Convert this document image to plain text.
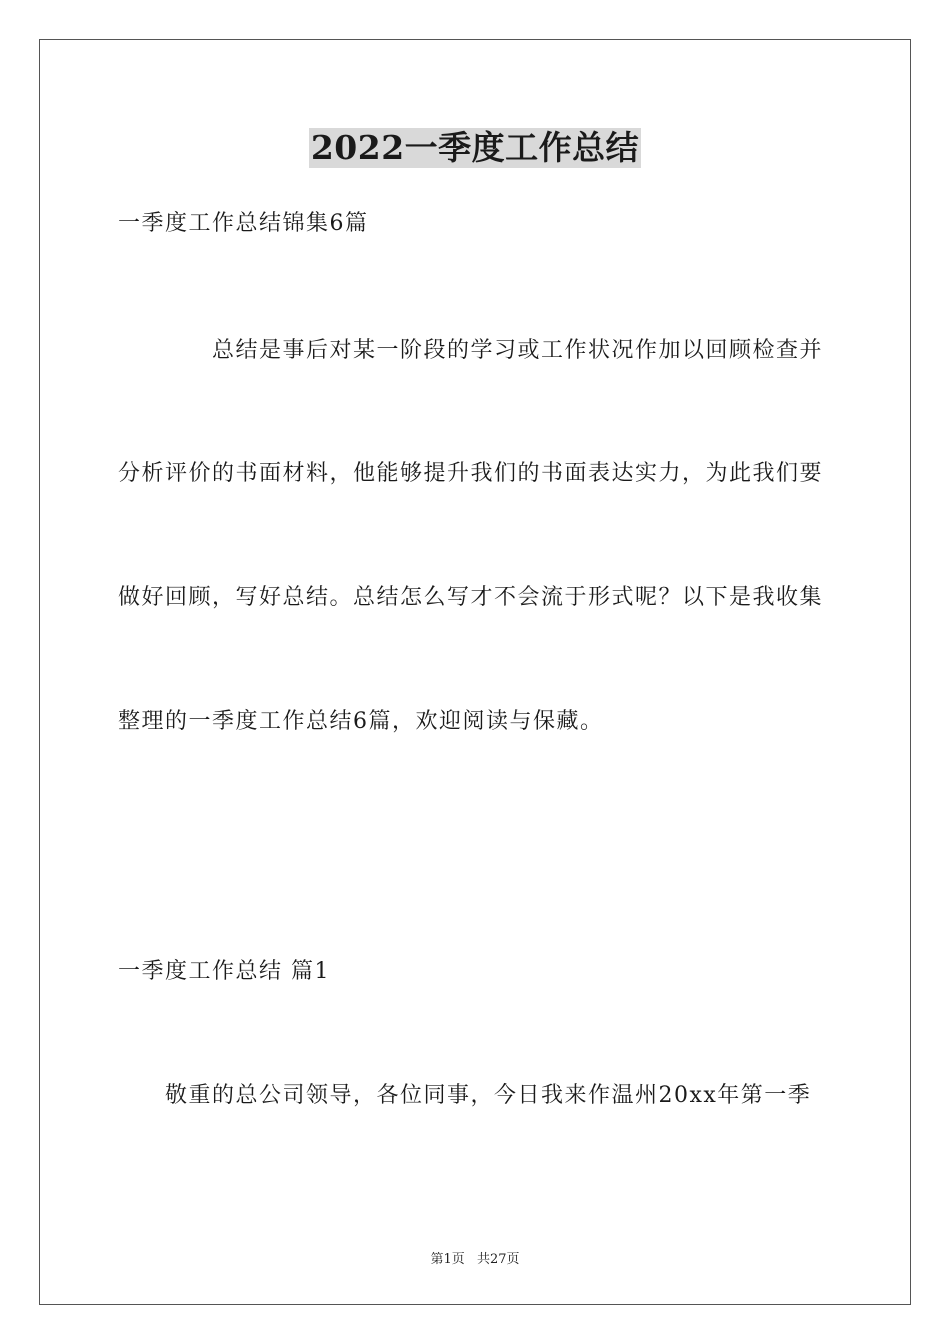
2022一季度工作总结
一季度工作总结锦集6篇
总结是事后对某一阶段的学习或工作状况作加以回顾检查并
分析评价的书面材料，他能够提升我们的书面表达实力，为此我们要
做好回顾，写好总结。总结怎么写才不会流于形式呢？以下是我收集
整理的一季度工作总结6篇，欢迎阅读与保藏。
一季度工作总结 篇1
敬重的总公司领导，各位同事，今日我来作温州20xx年第一季
第1页 共27页
